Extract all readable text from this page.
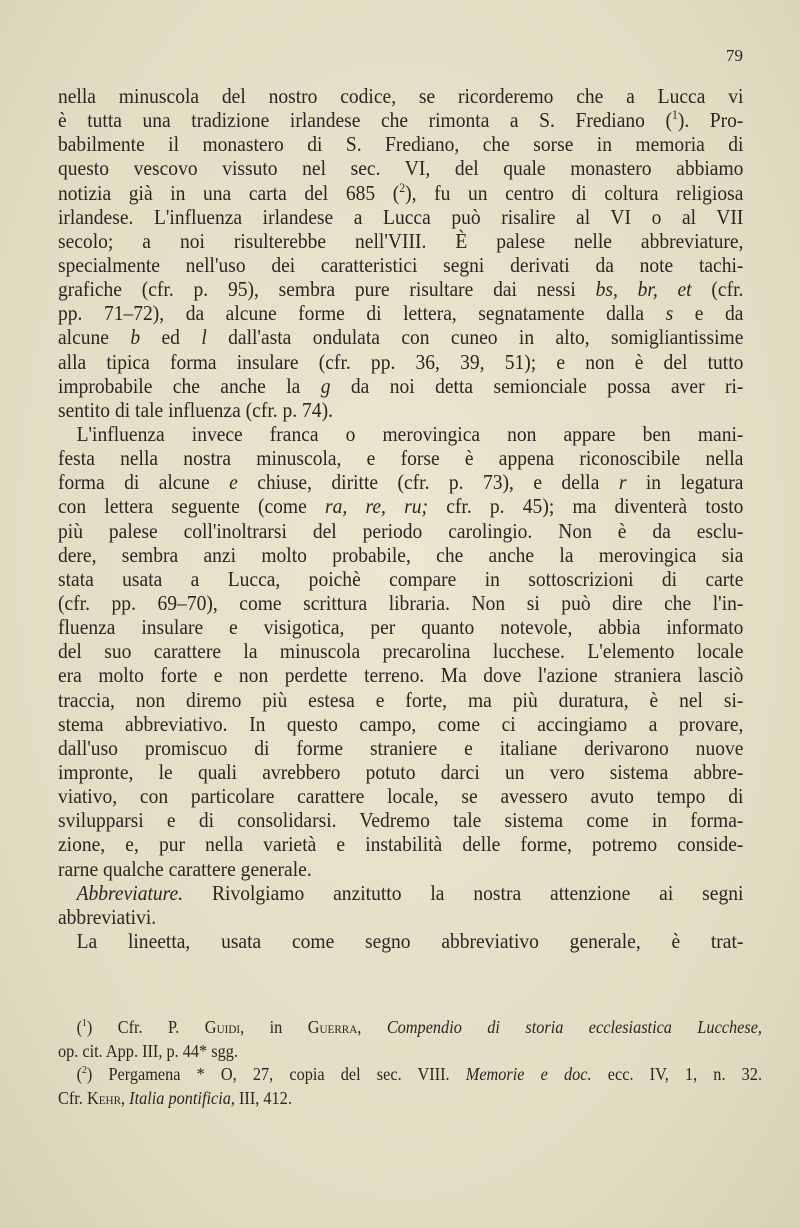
79
nella minuscola del nostro codice, se ricorderemo che a Lucca vi
è tutta una tradizione irlandese che rimonta a S. Frediano ($^1$). Pro-
babilmente il monastero di S. Frediano, che sorse in memoria di
questo vescovo vissuto nel sec. VI, del quale monastero abbiamo
notizia già in una carta del 685 ($^2$), fu un centro di coltura religiosa
irlandese. L'influenza irlandese a Lucca può risalire al VI o al VII
secolo; a noi risulterebbe nell'VIII. È palese nelle abbreviature,
specialmente nell'uso dei caratteristici segni derivati da note tachi-
grafiche (cfr. p. 95), sembra pure risultare dai nessi bs, br, et (cfr.
pp. 71–72), da alcune forme di lettera, segnatamente dalla s e da
alcune b ed l dall'asta ondulata con cuneo in alto, somigliantissime
alla tipica forma insulare (cfr. pp. 36, 39, 51); e non è del tutto
improbabile che anche la g da noi detta semionciale possa aver ri-
sentito di tale influenza (cfr. p. 74).
L'influenza invece franca o merovingica non appare ben mani-
festa nella nostra minuscola, e forse è appena riconoscibile nella
forma di alcune e chiuse, diritte (cfr. p. 73), e della r in legatura
con lettera seguente (come ra, re, ru; cfr. p. 45); ma diventerà tosto
più palese coll'inoltrarsi del periodo carolingio. Non è da esclu-
dere, sembra anzi molto probabile, che anche la merovingica sia
stata usata a Lucca, poichè compare in sottoscrizioni di carte
(cfr. pp. 69–70), come scrittura libraria. Non si può dire che l'in-
fluenza insulare e visigotica, per quanto notevole, abbia informato
del suo carattere la minuscola precarolina lucchese. L'elemento locale
era molto forte e non perdette terreno. Ma dove l'azione straniera lasciò
traccia, non diremo più estesa e forte, ma più duratura, è nel si-
stema abbreviativo. In questo campo, come ci accingiamo a provare,
dall'uso promiscuo di forme straniere e italiane derivarono nuove
impronte, le quali avrebbero potuto darci un vero sistema abbre-
viativo, con particolare carattere locale, se avessero avuto tempo di
svilupparsi e di consolidarsi. Vedremo tale sistema come in forma-
zione, e, pur nella varietà e instabilità delle forme, potremo conside-
rarne qualche carattere generale.
Abbreviature. Rivolgiamo anzitutto la nostra attenzione ai segni
abbreviativi.
La lineetta, usata come segno abbreviativo generale, è trat-
($^1$) Cfr. P. Guidi, in Guerra, Compendio di storia ecclesiastica Lucchese,
op. cit. App. III, p. 44* sgg.
($^2$) Pergamena * O, 27, copia del sec. VIII. Memorie e doc. ecc. IV, 1, n. 32.
Cfr. Kehr, Italia pontificia, III, 412.
